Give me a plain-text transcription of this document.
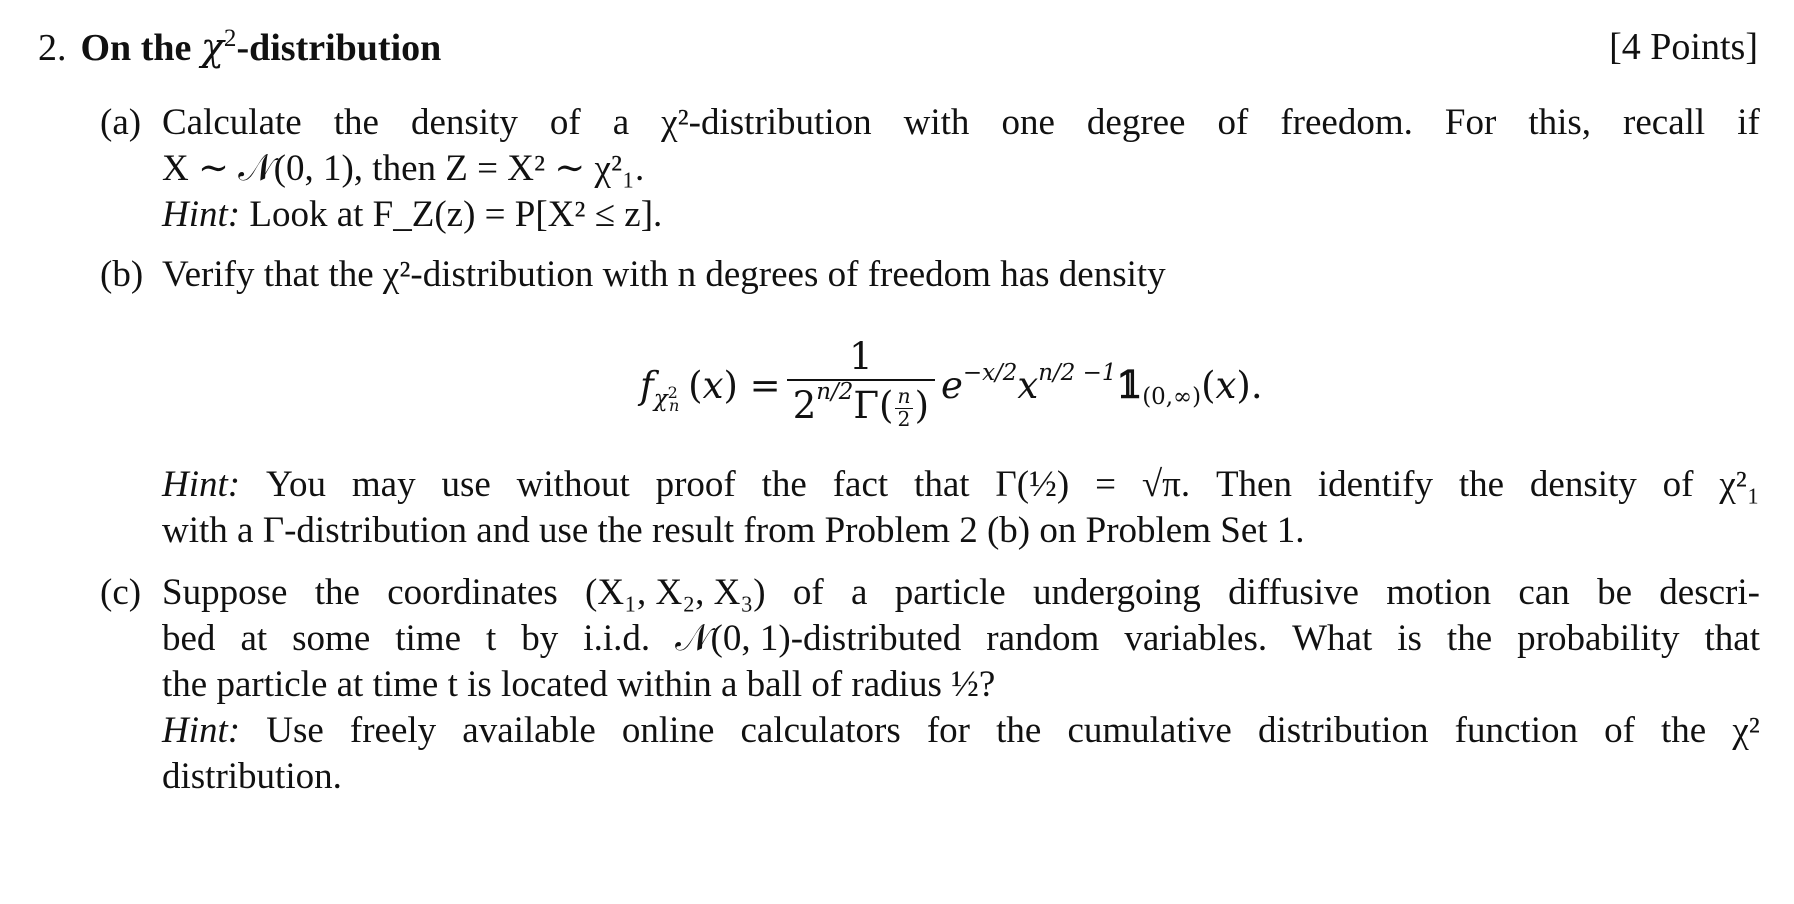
2. On the $\chi^2$-distribution	[4 Points]
(a) Calculate the density of a χ²-distribution with one degree of freedom. For this, recall if
X ∼ 𝒩(0, 1), then Z = X² ∼ χ²₁.
Hint: Look at F_Z(z) = P[X² ≤ z].
(b) Verify that the χ²-distribution with n degrees of freedom has density
f $\chi^2_n$ $(x) = \frac{1}{2^{n/2}\Gamma( \frac{n}{2} )} e^{-x/2}$ $x^{n/2 -1}$ 𝟙 (0,∞) (x).
Hint: You may use without proof the fact that Γ(½) = √π. Then identify the density of χ²₁
with a Γ-distribution and use the result from Problem 2 (b) on Problem Set 1.
(c) Suppose the coordinates (X₁, X₂, X₃) of a particle undergoing diffusive motion can be descri-
bed at some time t by i.i.d. 𝒩(0, 1)-distributed random variables. What is the probability that
the particle at time t is located within a ball of radius ½?
Hint: Use freely available online calculators for the cumulative distribution function of the χ²
distribution.
